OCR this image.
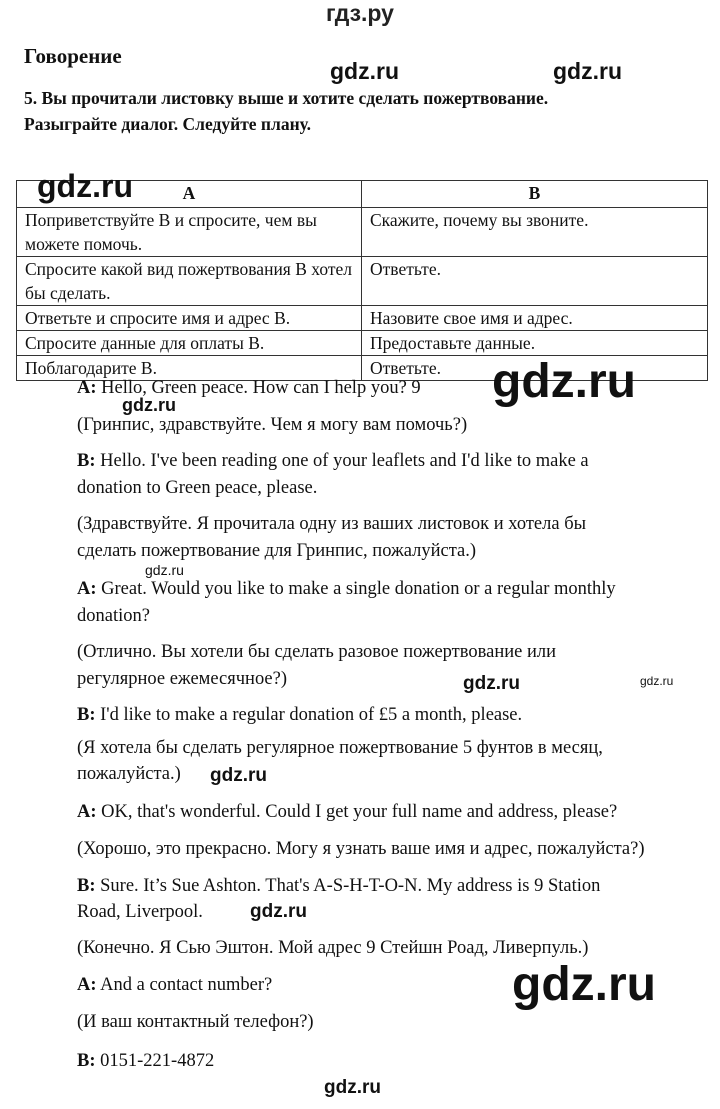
гдз.ру
Говорение
5. Вы прочитали листовку выше и хотите сделать пожертвование.
Разыграйте диалог. Следуйте плану.
A	B
Поприветствуйте В и спросите, чем вы можете помочь.	Скажите, почему вы звоните.
Спросите какой вид пожертвования В хотел бы сделать.	Ответьте.
Ответьте и спросите имя и адрес В.	Назовите свое имя и адрес.
Спросите данные для оплаты В.	Предоставьте данные.
Поблагодарите В.	Ответьте.
A: Hello, Green peace. How can I help you? 9
(Гринпис, здравствуйте. Чем я могу вам помочь?)
B: Hello. I've been reading one of your leaflets and I'd like to make a
donation to Green peace, please.
(Здравствуйте. Я прочитала одну из ваших листовок и хотела бы
сделать пожертвование для Гринпис, пожалуйста.)
A: Great. Would you like to make a single donation or a regular monthly
donation?
(Отлично. Вы хотели бы сделать разовое пожертвование или
регулярное ежемесячное?)
B: I'd like to make a regular donation of £5 a month, please.
(Я хотела бы сделать регулярное пожертвование 5 фунтов в месяц,
пожалуйста.)
A: OK, that's wonderful. Could I get your full name and address, please?
(Хорошо, это прекрасно. Могу я узнать ваше имя и адрес, пожалуйста?)
B: Sure. It’s Sue Ashton. That's A-S-H-T-O-N. My address is 9 Station
Road, Liverpool.
(Конечно. Я Сью Эштон. Мой адрес 9 Стейшн Роад, Ливерпуль.)
A: And a contact number?
(И ваш контактный телефон?)
B: 0151-221-4872
gdz.ru	gdz.ru
gdz.ru
gdz.ru
gdz.ru
gdz.ru
gdz.ru	gdz.ru
gdz.ru
gdz.ru
gdz.ru
gdz.ru
